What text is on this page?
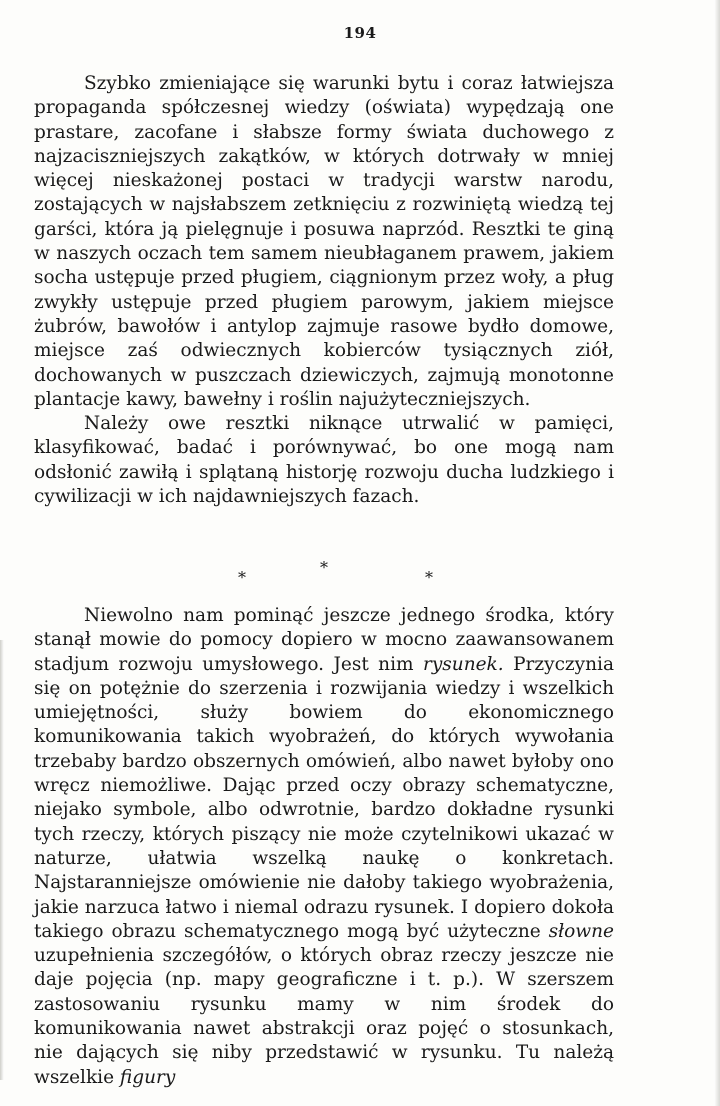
194

Szybko zmieniające się warunki bytu i coraz łatwiejsza propaganda spółczesnej wiedzy (oświata) wypędzają one prastare, zacofane i słabsze formy świata duchowego z najzaciszniejszych zakątków, w których dotrwały w mniej więcej nieskażonej postaci w tradycji warstw narodu, zostających w najsłabszem zetknięciu z rozwiniętą wiedzą tej garści, która ją pielęgnuje i posuwa naprzód. Resztki te giną w naszych oczach tem samem nieubłaganem prawem, jakiem socha ustępuje przed pługiem, ciągnionym przez woły, a pług zwykły ustępuje przed pługiem parowym, jakiem miejsce żubrów, bawołów i antylop zajmuje rasowe bydło domowe, miejsce zaś odwiecznych kobierców tysiącznych ziół, dochowanych w puszczach dziewiczych, zajmują monotonne plantacje kawy, bawełny i roślin najużyteczniejszych.

Należy owe resztki niknące utrwalić w pamięci, klasyfikować, badać i porównywać, bo one mogą nam odsłonić zawiłą i splątaną historję rozwoju ducha ludzkiego i cywilizacji w ich najdawniejszych fazach.

*
*
*

Niewolno nam pominąć jeszcze jednego środka, który stanął mowie do pomocy dopiero w mocno zaawansowanem stadjum rozwoju umysłowego. Jest nim rysunek. Przyczynia się on potężnie do szerzenia i rozwijania wiedzy i wszelkich umiejętności, służy bowiem do ekonomicznego komunikowania takich wyobrażeń, do których wywołania trzebaby bardzo obszernych omówień, albo nawet byłoby ono wręcz niemożliwe. Dając przed oczy obrazy schematyczne, niejako symbole, albo odwrotnie, bardzo dokładne rysunki tych rzeczy, których piszący nie może czytelnikowi ukazać w naturze, ułatwia wszelką naukę o konkretach. Najstaranniejsze omówienie nie dałoby takiego wyobrażenia, jakie narzuca łatwo i niemal odrazu rysunek. I dopiero dokoła takiego obrazu schematycznego mogą być użyteczne słowne uzupełnienia szczegółów, o których obraz rzeczy jeszcze nie daje pojęcia (np. mapy geograficzne i t. p.). W szerszem zastosowaniu rysunku mamy w nim środek do komunikowania nawet abstrakcji oraz pojęć o stosunkach, nie dających się niby przedstawić w rysunku. Tu należą wszelkie figury
